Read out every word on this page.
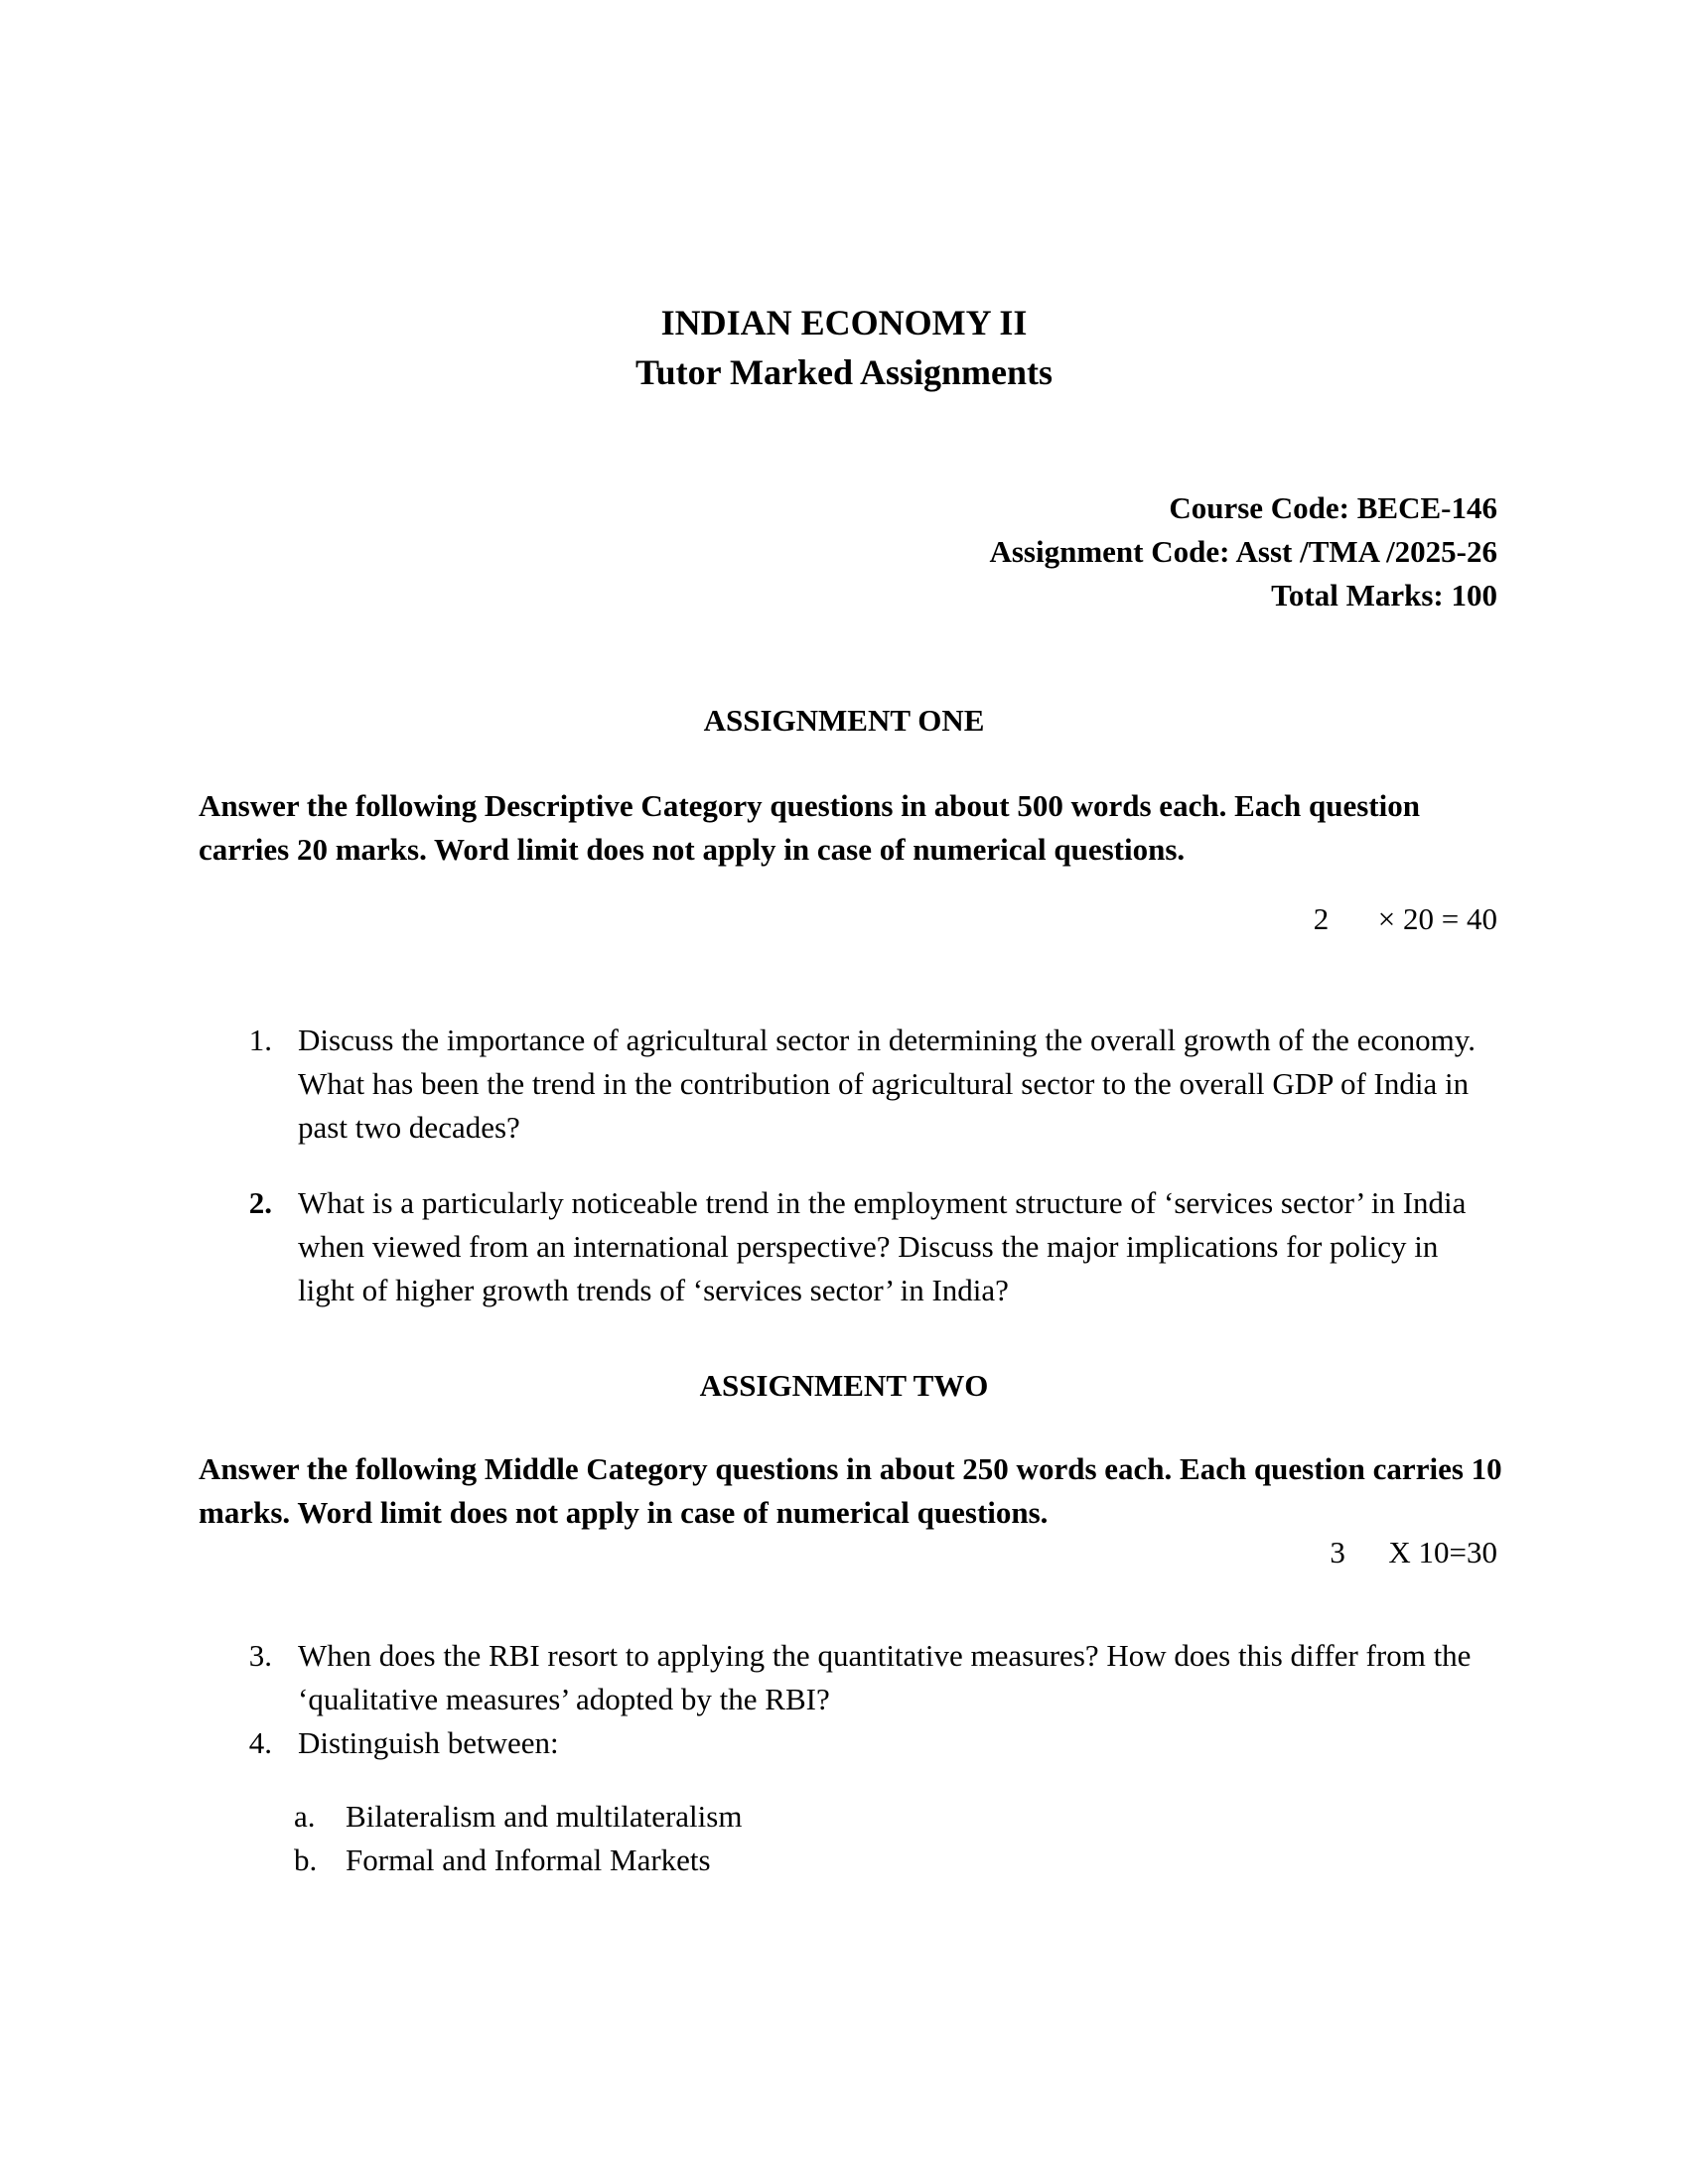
INDIAN ECONOMY II
Tutor Marked Assignments
Course Code: BECE-146
Assignment Code: Asst /TMA /2025-26
Total Marks: 100
ASSIGNMENT ONE
Answer the following Descriptive Category questions in about 500 words each. Each question carries 20 marks. Word limit does not apply in case of numerical questions.
2 × 20 = 40
1. Discuss the importance of agricultural sector in determining the overall growth of the economy. What has been the trend in the contribution of agricultural sector to the overall GDP of India in past two decades?
2. What is a particularly noticeable trend in the employment structure of ‘services sector’ in India when viewed from an international perspective? Discuss the major implications for policy in light of higher growth trends of ‘services sector’ in India?
ASSIGNMENT TWO
Answer the following Middle Category questions in about 250 words each. Each question carries 10 marks. Word limit does not apply in case of numerical questions.
3 X 10=30
3. When does the RBI resort to applying the quantitative measures? How does this differ from the ‘qualitative measures’ adopted by the RBI?
4. Distinguish between:
a. Bilateralism and multilateralism
b. Formal and Informal Markets
